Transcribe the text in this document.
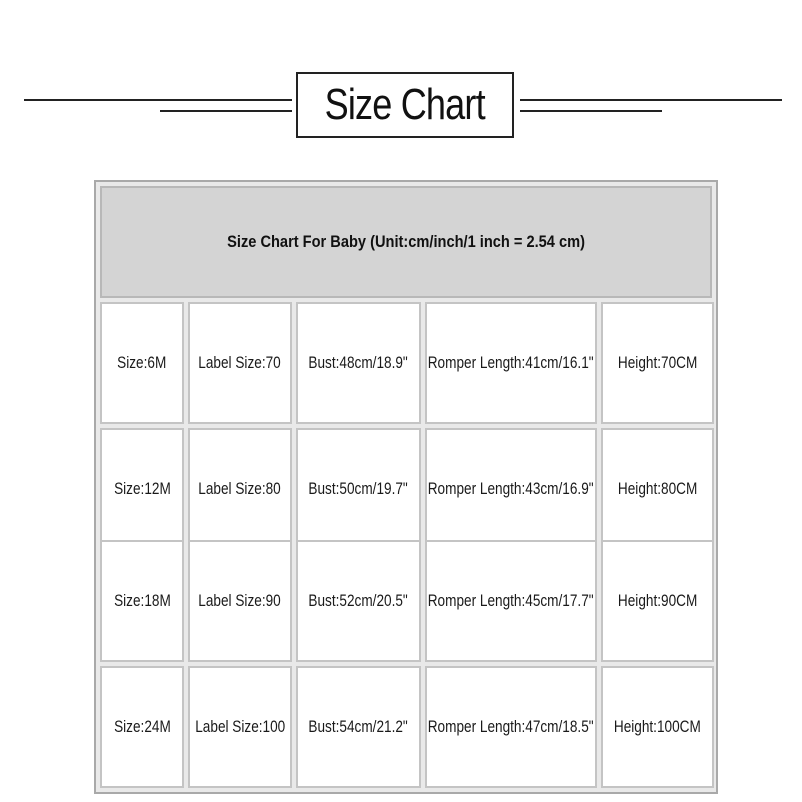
Size Chart
Size Chart For Baby (Unit:cm/inch/1 inch = 2.54 cm)
Size:6M Label Size:70 Bust:48cm/18.9" Romper Length:41cm/16.1" Height:70CM
Size:12M Label Size:80 Bust:50cm/19.7" Romper Length:43cm/16.9" Height:80CM
Size:18M Label Size:90 Bust:52cm/20.5" Romper Length:45cm/17.7" Height:90CM
Size:24M Label Size:100 Bust:54cm/21.2" Romper Length:47cm/18.5" Height:100CM
